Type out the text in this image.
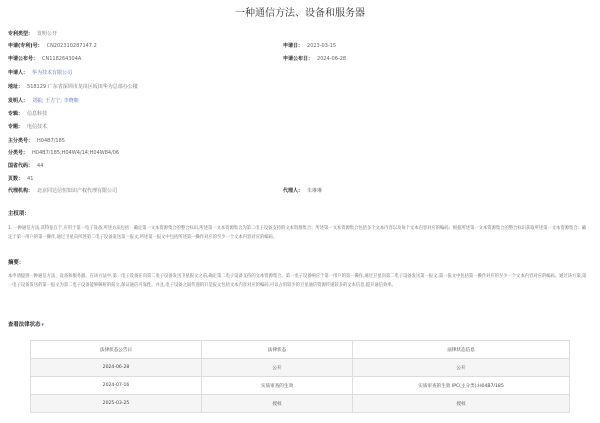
一种通信方法、设备和服务器
专利类型： 发明公开
申请(专利)号： CN202310287147.2	申请日： 2023-03-15
申请公布号： CN118264304A	申请公布日： 2024-06-28
申请人： 华为技术有限公司
地址： 518129 广东省深圳市龙岗区坂田华为总部办公楼
发明人： 刘振; 王方宁; 李晓朝
专辑： 信息科技
专题： 电信技术
主分类号： H04B7/185
分类号： H04B7/185;H04W4/14;H04W84/06
国省代码： 44
页数： 41
代理机构： 北京同达信恒知识产权代理有限公司	代理人： 朱琳琳
主权项：
1. 一种通信方法,其特征在于,应用于第一电子设备,所述方法包括：确定第一文本资源集合的整合标识,所述第一文本资源集合为第二电子设备支持的文本资源集合；所述第一文本资源集合包括多个文本内容以及每个文本内容对应的编码；根据所述第一文本资源集合的整合标识获取所述第一文本资源集合；确定于第一用户的第一操作,通过卫星向所述第二电子设备发送第一报文,所述第一报文中包括所述第一操作对应的至少一个文本内容对应的编码。
摘要：
本申请提供一种通信方法、设备和服务器。在该方法中,第一电子设备在向第二电子设备发送卫星报文之前,确定第二电子设备支持的文本资源集合。第一电子设备响应于第一用户的第一操作,通过卫星向第二电子设备发送第一报文,第一报文中包括第一操作对应的至少一个文本内容对应的编码。通过该方案,第一电子设备发送的第一报文为第二电子设备能够解析的报文,保证通信可靠性。并且,电子设备之间传递的只是报文包括文本内容对应的编码,可以占用较少的卫星通信资源传递较多的文本信息,提升通信效率。
查看法律状态▾
法律状态公告日	法律状态	法律状态信息
2024-06-28	公开	公开
2024-07-16	实质审查的生效	实质审查的生效 IPC(主分类):H04B7/185
2025-03-25	授权	授权
